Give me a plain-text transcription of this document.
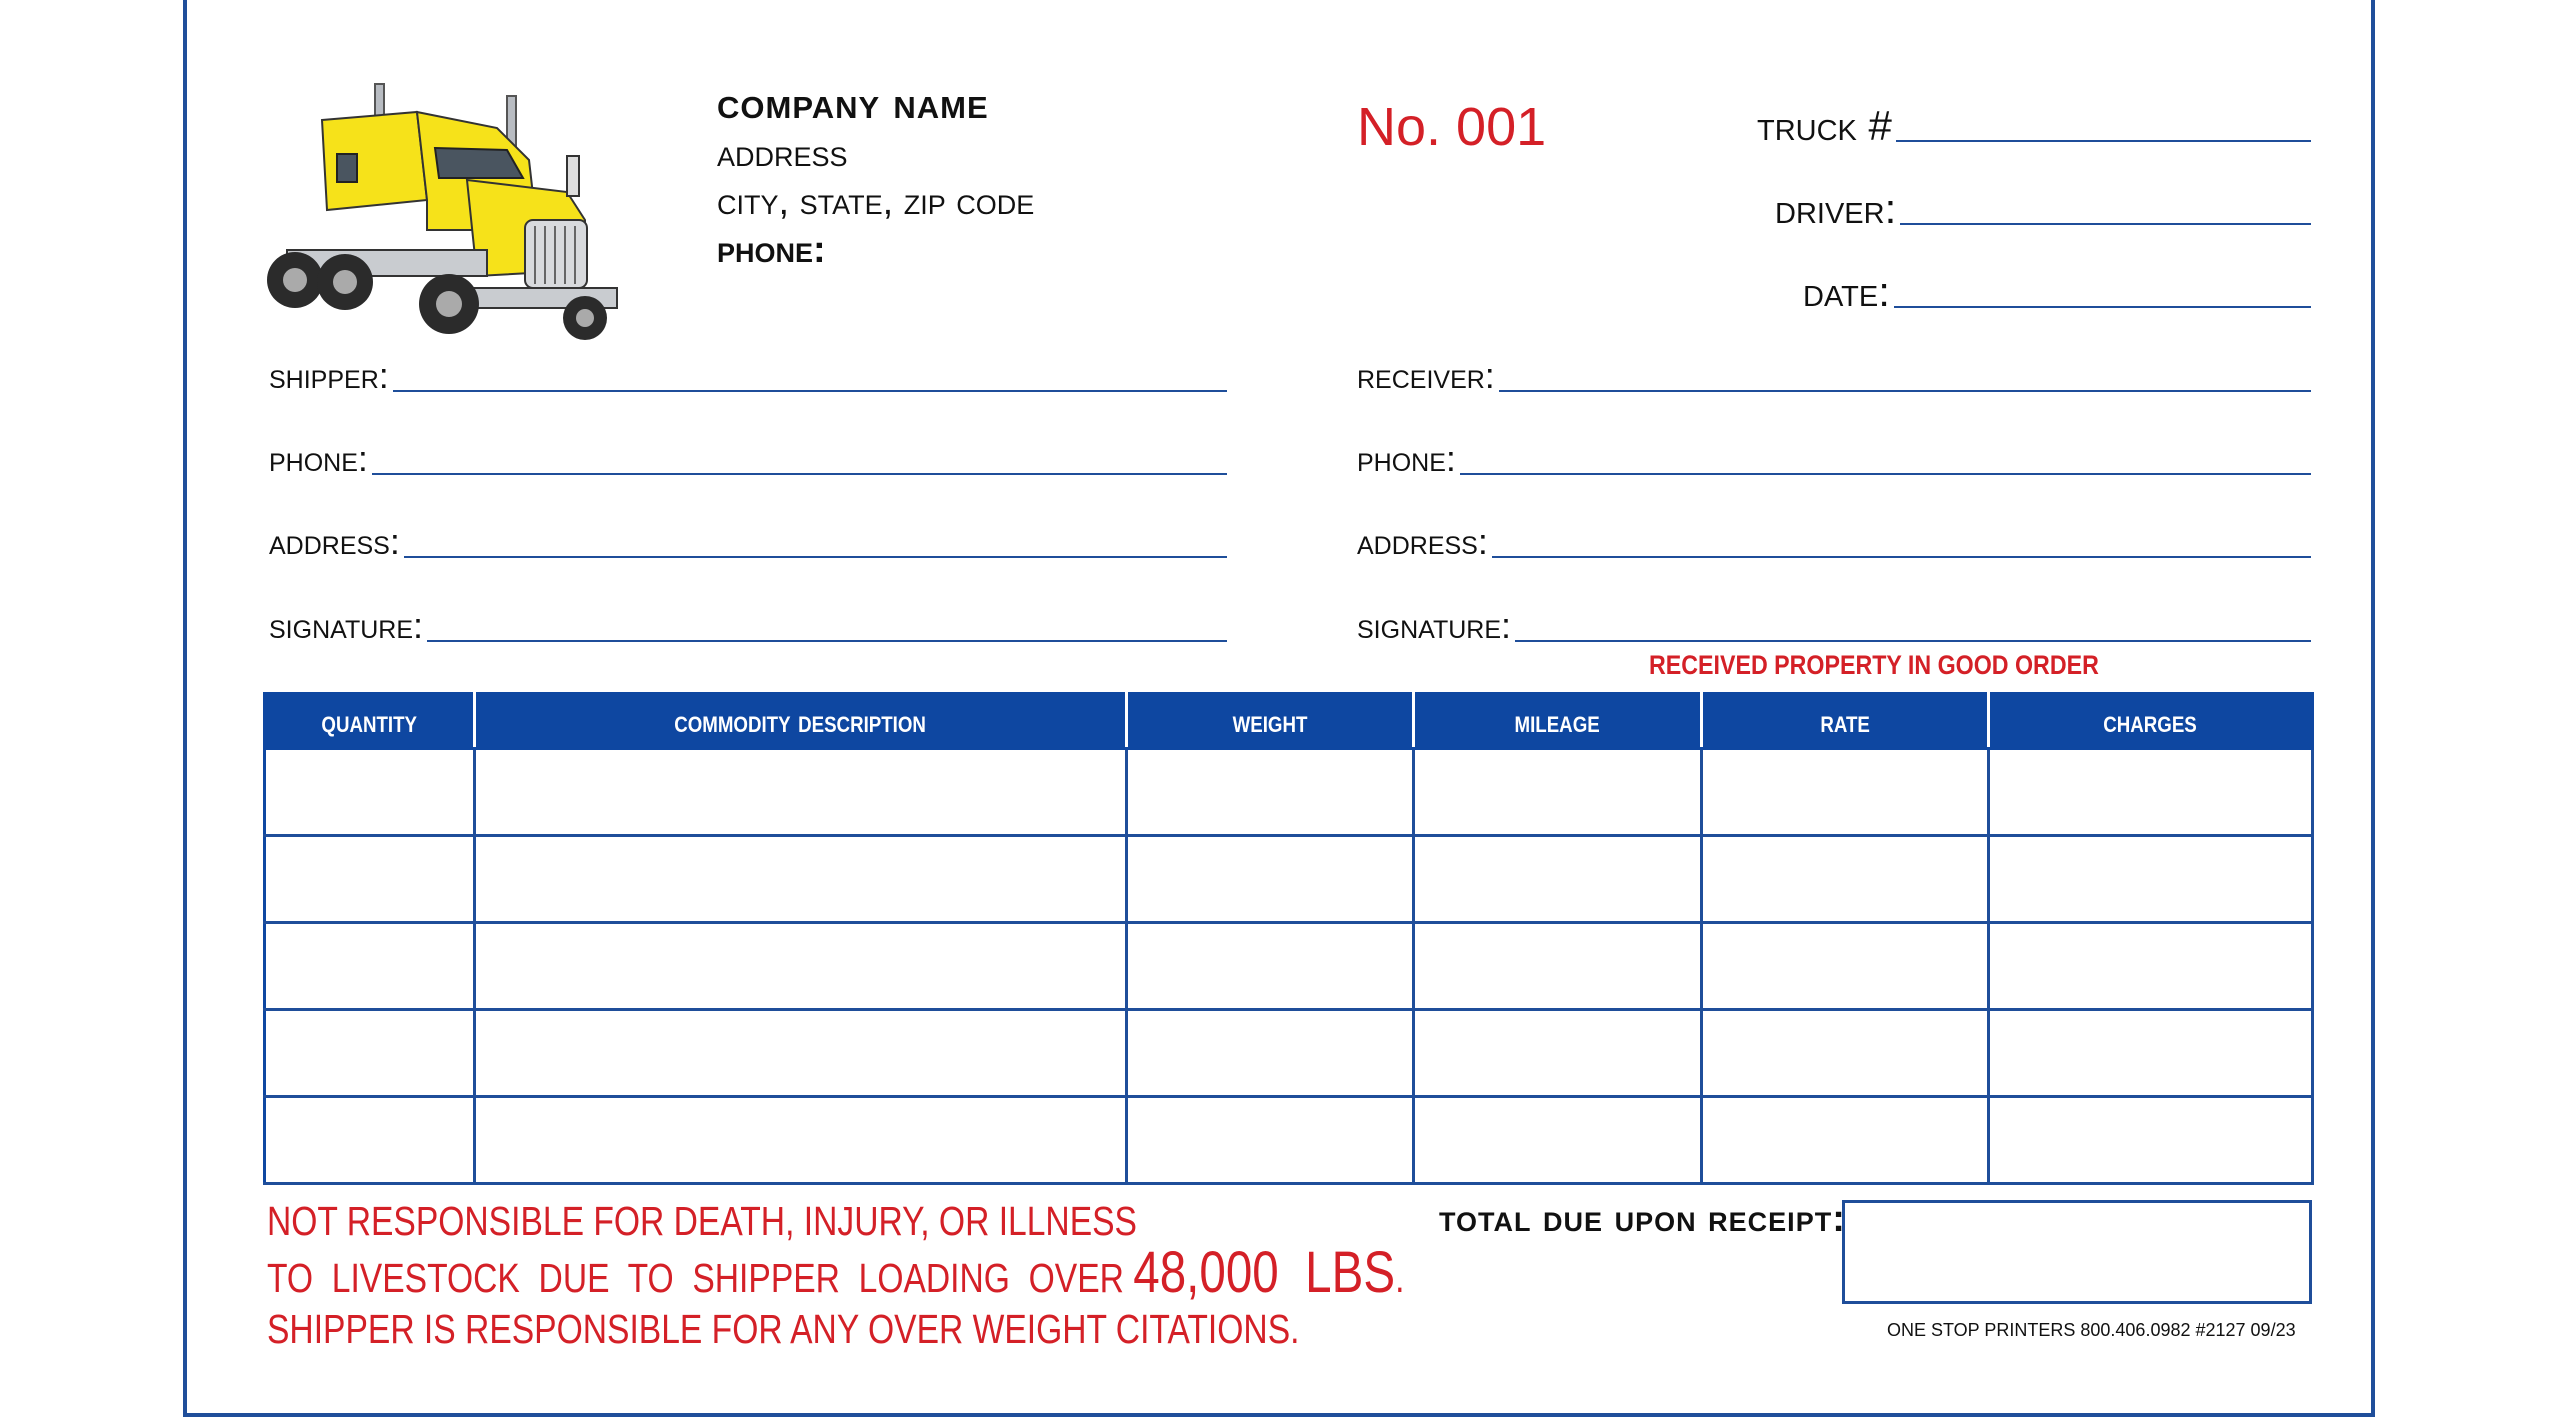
company name
address
city, state, zip code
phone:
No. 001	truck #
driver:
date:
shipper:
phone:
address:
signature:
receiver:
phone:
address:
signature:
RECEIVED PROPERTY IN GOOD ORDER
quantity	commodity description	weight	mileage	rate	charges

NOT RESPONSIBLE FOR DEATH, INJURY, OR ILLNESS
TO  LIVESTOCK  DUE  TO  SHIPPER  LOADING  OVER 48,000  LBS.
SHIPPER IS RESPONSIBLE FOR ANY OVER WEIGHT CITATIONS.
total due upon receipt:
ONE STOP PRINTERS 800.406.0982 #2127 09/23
